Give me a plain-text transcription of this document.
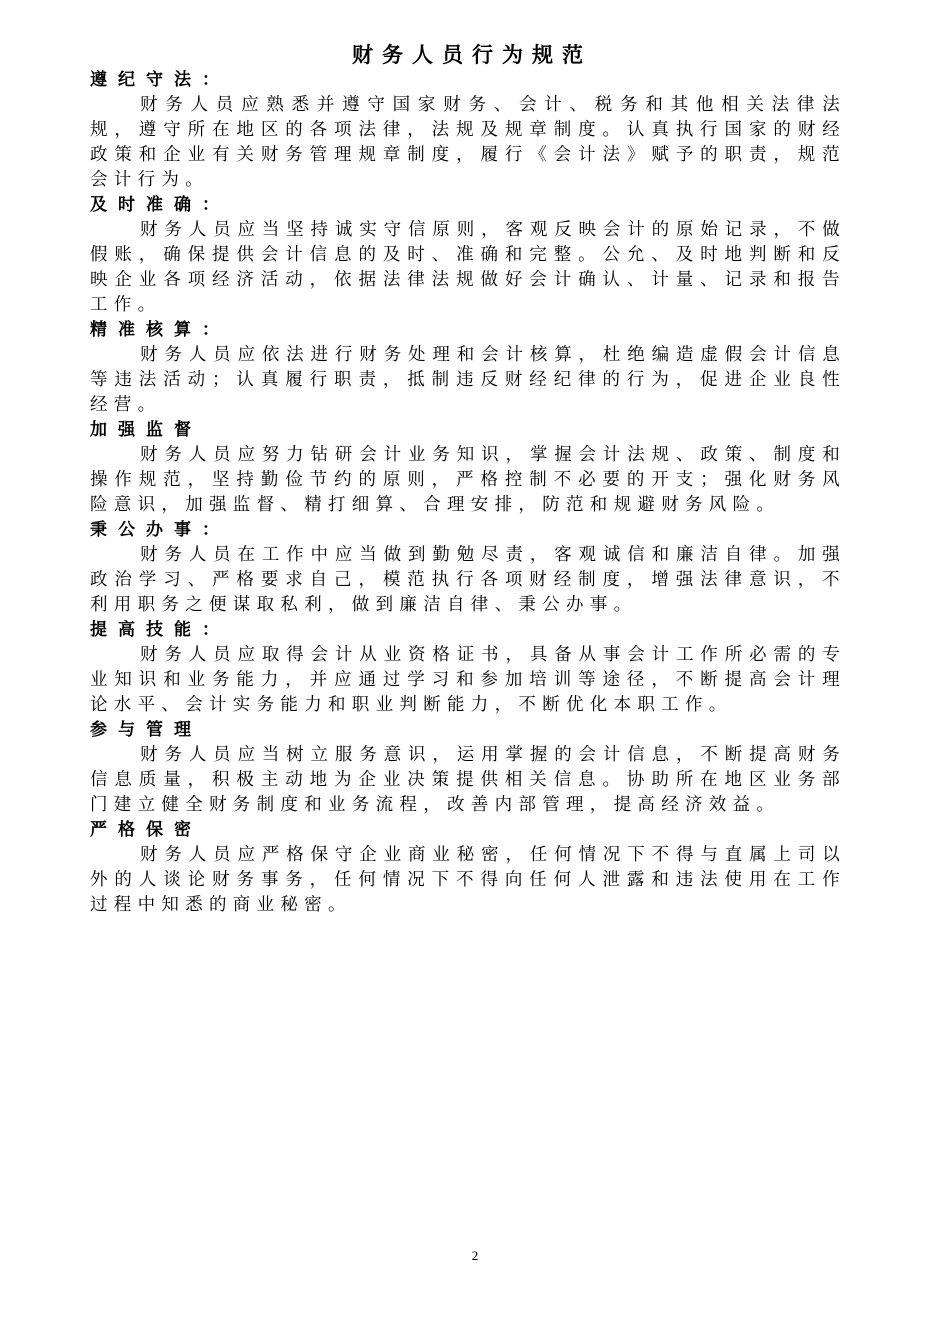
财务人员行为规范
遵纪守法：

财务人员应熟悉并遵守国家财务、会计、税务和其他相关法律法规，遵守所在地区的各项法律，法规及规章制度。认真执行国家的财经政策和企业有关财务管理规章制度，履行《会计法》赋予的职责，规范会计行为。

及时准确：

财务人员应当坚持诚实守信原则，客观反映会计的原始记录，不做假账，确保提供会计信息的及时、准确和完整。公允、及时地判断和反映企业各项经济活动，依据法律法规做好会计确认、计量、记录和报告工作。

精准核算：

财务人员应依法进行财务处理和会计核算，杜绝编造虚假会计信息等违法活动；认真履行职责，抵制违反财经纪律的行为，促进企业良性经营。

加强监督

财务人员应努力钻研会计业务知识，掌握会计法规、政策、制度和操作规范，坚持勤俭节约的原则，严格控制不必要的开支；强化财务风险意识，加强监督、精打细算、合理安排，防范和规避财务风险。

秉公办事：

财务人员在工作中应当做到勤勉尽责，客观诚信和廉洁自律。加强政治学习、严格要求自己，模范执行各项财经制度，增强法律意识，不利用职务之便谋取私利，做到廉洁自律、秉公办事。

提高技能：

财务人员应取得会计从业资格证书，具备从事会计工作所必需的专业知识和业务能力，并应通过学习和参加培训等途径，不断提高会计理论水平、会计实务能力和职业判断能力，不断优化本职工作。

参与管理

财务人员应当树立服务意识，运用掌握的会计信息，不断提高财务信息质量，积极主动地为企业决策提供相关信息。协助所在地区业务部门建立健全财务制度和业务流程，改善内部管理，提高经济效益。

严格保密

财务人员应严格保守企业商业秘密，任何情况下不得与直属上司以外的人谈论财务事务，任何情况下不得向任何人泄露和违法使用在工作过程中知悉的商业秘密。

2
